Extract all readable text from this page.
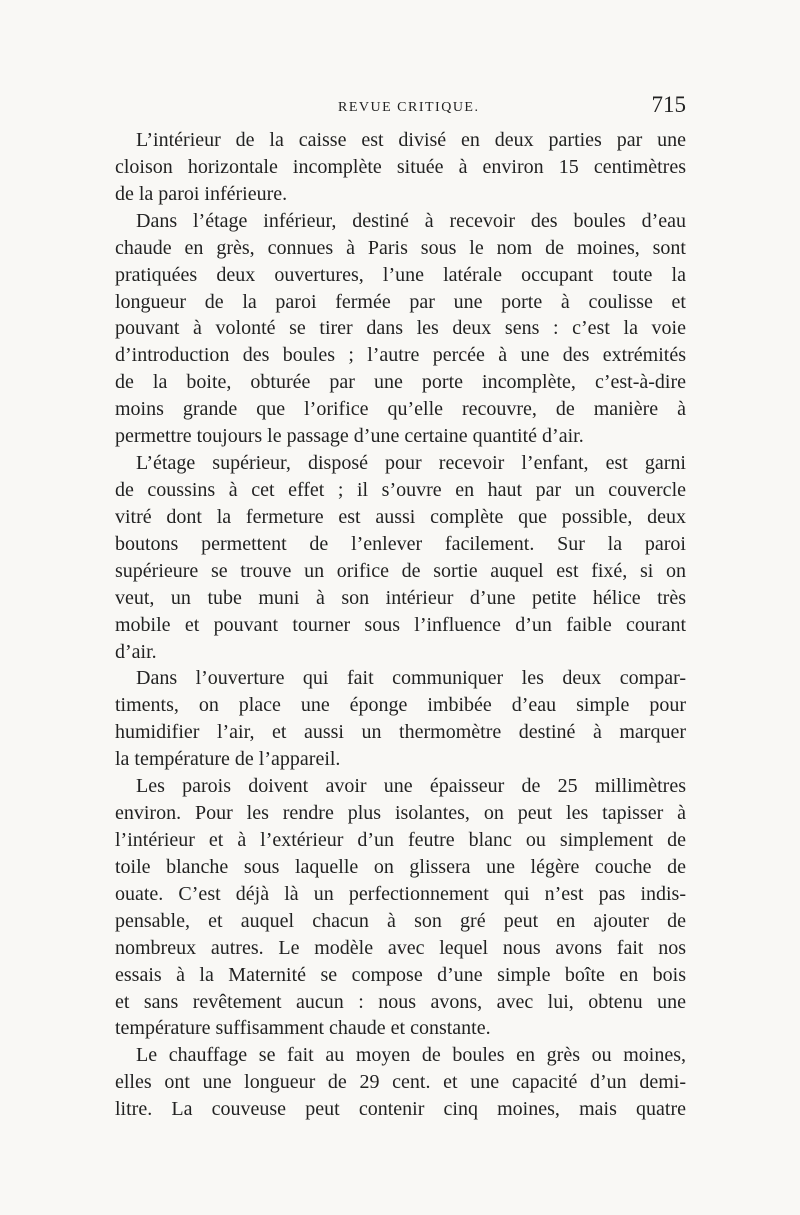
REVUE CRITIQUE.	715
L’intérieur de la caisse est divisé en deux parties par une
cloison horizontale incomplète située à environ 15 centimètres
de la paroi inférieure.
Dans l’étage inférieur, destiné à recevoir des boules d’eau
chaude en grès, connues à Paris sous le nom de moines, sont
pratiquées deux ouvertures, l’une latérale occupant toute la
longueur de la paroi fermée par une porte à coulisse et
pouvant à volonté se tirer dans les deux sens : c’est la voie
d’introduction des boules ; l’autre percée à une des extrémités
de la boite, obturée par une porte incomplète, c’est-à-dire
moins grande que l’orifice qu’elle recouvre, de manière à
permettre toujours le passage d’une certaine quantité d’air.
L’étage supérieur, disposé pour recevoir l’enfant, est garni
de coussins à cet effet ; il s’ouvre en haut par un couvercle
vitré dont la fermeture est aussi complète que possible, deux
boutons permettent de l’enlever facilement. Sur la paroi
supérieure se trouve un orifice de sortie auquel est fixé, si on
veut, un tube muni à son intérieur d’une petite hélice très
mobile et pouvant tourner sous l’influence d’un faible courant
d’air.
Dans l’ouverture qui fait communiquer les deux compar-
timents, on place une éponge imbibée d’eau simple pour
humidifier l’air, et aussi un thermomètre destiné à marquer
la température de l’appareil.
Les parois doivent avoir une épaisseur de 25 millimètres
environ. Pour les rendre plus isolantes, on peut les tapisser à
l’intérieur et à l’extérieur d’un feutre blanc ou simplement de
toile blanche sous laquelle on glissera une légère couche de
ouate. C’est déjà là un perfectionnement qui n’est pas indis-
pensable, et auquel chacun à son gré peut en ajouter de
nombreux autres. Le modèle avec lequel nous avons fait nos
essais à la Maternité se compose d’une simple boîte en bois
et sans revêtement aucun : nous avons, avec lui, obtenu une
température suffisamment chaude et constante.
Le chauffage se fait au moyen de boules en grès ou moines,
elles ont une longueur de 29 cent. et une capacité d’un demi-
litre. La couveuse peut contenir cinq moines, mais quatre
